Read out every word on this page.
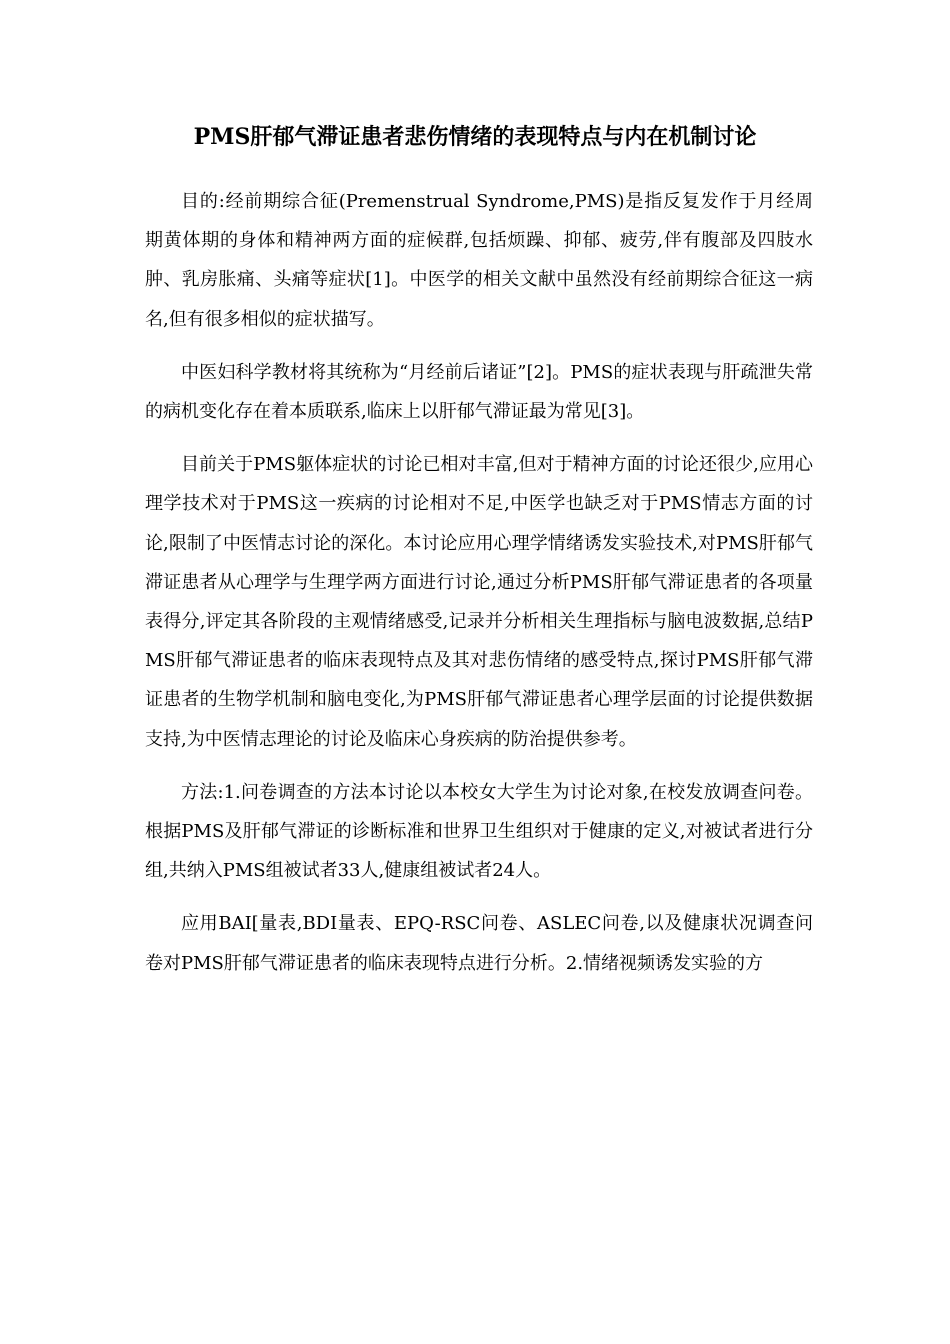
PMS肝郁气滞证患者悲伤情绪的表现特点与内在机制讨论

目的:经前期综合征(Premenstrual Syndrome,PMS)是指反复发作于月经周期黄体期的身体和精神两方面的症候群,包括烦躁、抑郁、疲劳,伴有腹部及四肢水肿、乳房胀痛、头痛等症状[1]。中医学的相关文献中虽然没有经前期综合征这一病名,但有很多相似的症状描写。

中医妇科学教材将其统称为“月经前后诸证”[2]。PMS的症状表现与肝疏泄失常的病机变化存在着本质联系,临床上以肝郁气滞证最为常见[3]。

目前关于PMS躯体症状的讨论已相对丰富,但对于精神方面的讨论还很少,应用心理学技术对于PMS这一疾病的讨论相对不足,中医学也缺乏对于PMS情志方面的讨论,限制了中医情志讨论的深化。本讨论应用心理学情绪诱发实验技术,对PMS肝郁气滞证患者从心理学与生理学两方面进行讨论,通过分析PMS肝郁气滞证患者的各项量表得分,评定其各阶段的主观情绪感受,记录并分析相关生理指标与脑电波数据,总结PMS肝郁气滞证患者的临床表现特点及其对悲伤情绪的感受特点,探讨PMS肝郁气滞证患者的生物学机制和脑电变化,为PMS肝郁气滞证患者心理学层面的讨论提供数据支持,为中医情志理论的讨论及临床心身疾病的防治提供参考。

方法:1.问卷调查的方法本讨论以本校女大学生为讨论对象,在校发放调查问卷。根据PMS及肝郁气滞证的诊断标准和世界卫生组织对于健康的定义,对被试者进行分组,共纳入PMS组被试者33人,健康组被试者24人。

应用BAI[量表,BDI量表、EPQ-RSC问卷、ASLEC问卷,以及健康状况调查问卷对PMS肝郁气滞证患者的临床表现特点进行分析。2.情绪视频诱发实验的方
